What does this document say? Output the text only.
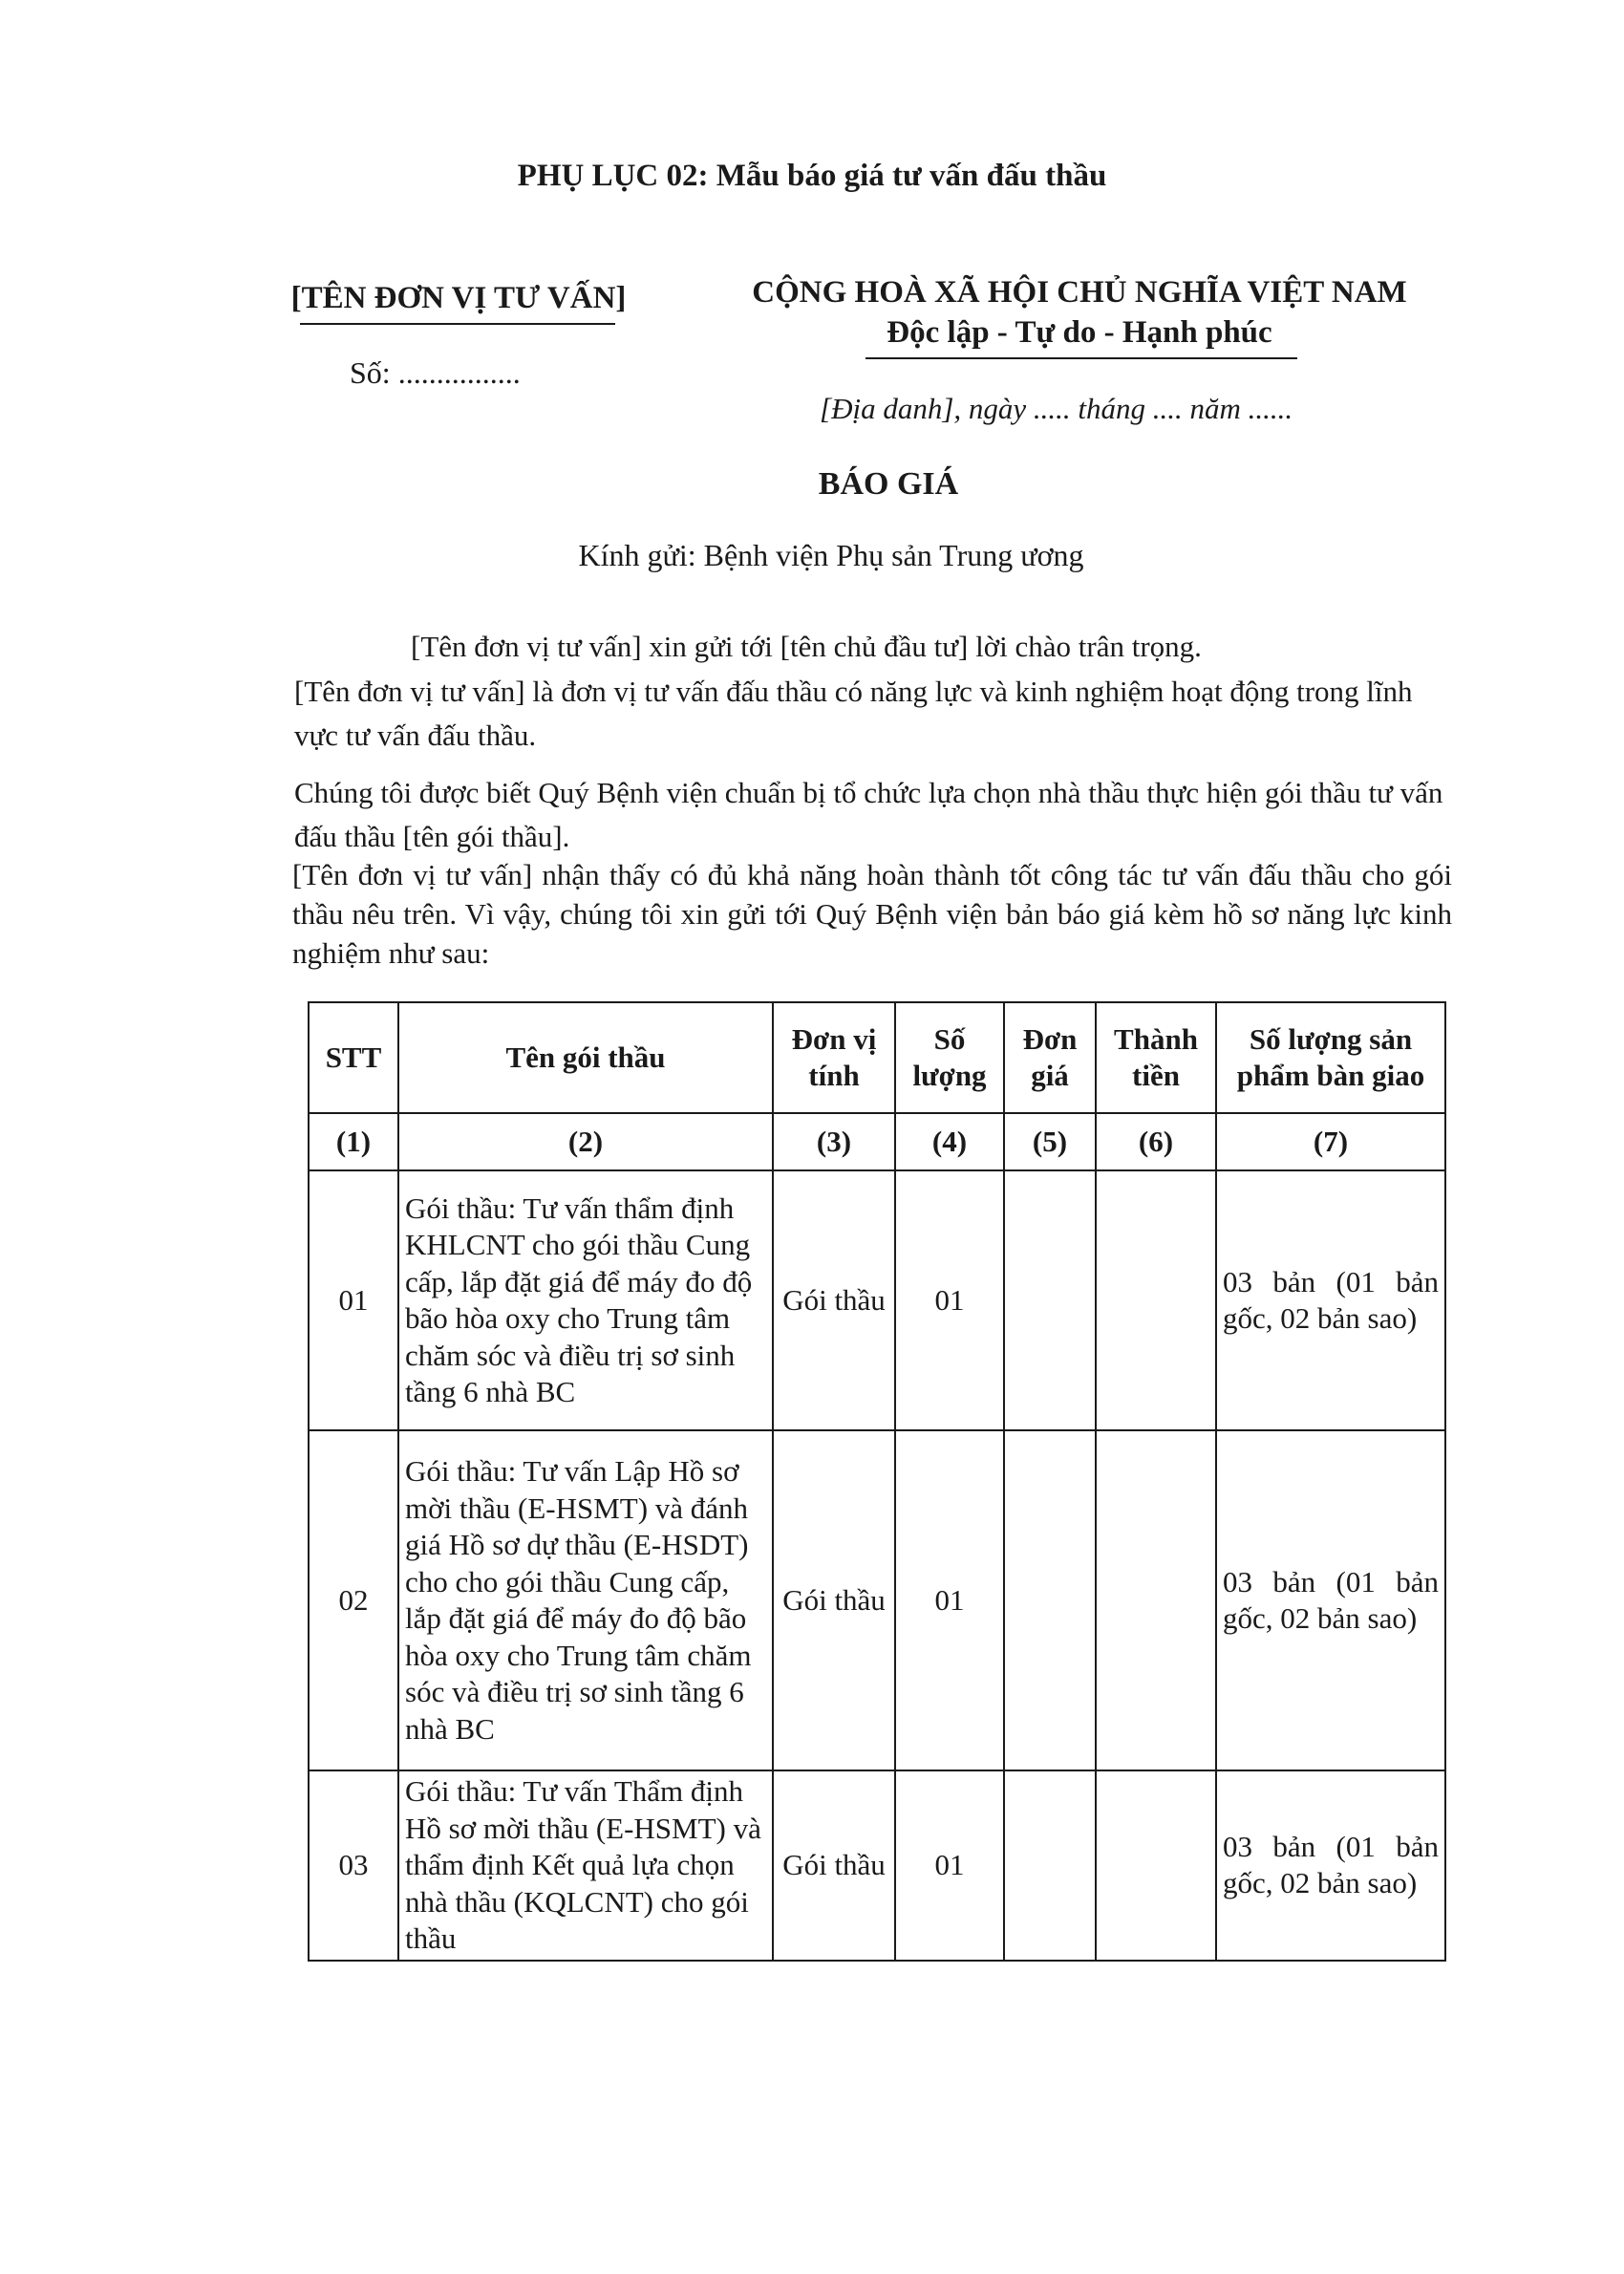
PHỤ LỤC 02: Mẫu báo giá tư vấn đấu thầu
[TÊN ĐƠN VỊ TƯ VẤN]
Số: ................
CỘNG HOÀ XÃ HỘI CHỦ NGHĨA VIỆT NAM
Độc lập - Tự do - Hạnh phúc
[Địa danh], ngày ..... tháng .... năm ......
BÁO GIÁ
Kính gửi: Bệnh viện Phụ sản Trung ương
[Tên đơn vị tư vấn] xin gửi tới [tên chủ đầu tư] lời chào trân trọng.
[Tên đơn vị tư vấn] là đơn vị tư vấn đấu thầu có năng lực và kinh nghiệm hoạt động trong lĩnh vực tư vấn đấu thầu.
Chúng tôi được biết Quý Bệnh viện chuẩn bị tổ chức lựa chọn nhà thầu thực hiện gói thầu tư vấn đấu thầu [tên gói thầu].
[Tên đơn vị tư vấn] nhận thấy có đủ khả năng hoàn thành tốt công tác tư vấn đấu thầu cho gói thầu nêu trên. Vì vậy, chúng tôi xin gửi tới Quý Bệnh viện bản báo giá kèm hồ sơ năng lực kinh nghiệm như sau:
STT	Tên gói thầu	Đơn vị tính	Số lượng	Đơn giá	Thành tiền	Số lượng sản phẩm bàn giao
(1)	(2)	(3)	(4)	(5)	(6)	(7)
01	Gói thầu: Tư vấn thẩm định KHLCNT cho gói thầu Cung cấp, lắp đặt giá để máy đo độ bão hòa oxy cho Trung tâm chăm sóc và điều trị sơ sinh tầng 6 nhà BC	Gói thầu	01			03 bản (01 bản gốc, 02 bản sao)
02	Gói thầu: Tư vấn Lập Hồ sơ mời thầu (E-HSMT) và đánh giá Hồ sơ dự thầu (E-HSDT) cho cho gói thầu Cung cấp, lắp đặt giá để máy đo độ bão hòa oxy cho Trung tâm chăm sóc và điều trị sơ sinh tầng 6 nhà BC	Gói thầu	01			03 bản (01 bản gốc, 02 bản sao)
03	Gói thầu: Tư vấn Thẩm định Hồ sơ mời thầu (E-HSMT) và thẩm định Kết quả lựa chọn nhà thầu (KQLCNT) cho gói thầu	Gói thầu	01			03 bản (01 bản gốc, 02 bản sao)
